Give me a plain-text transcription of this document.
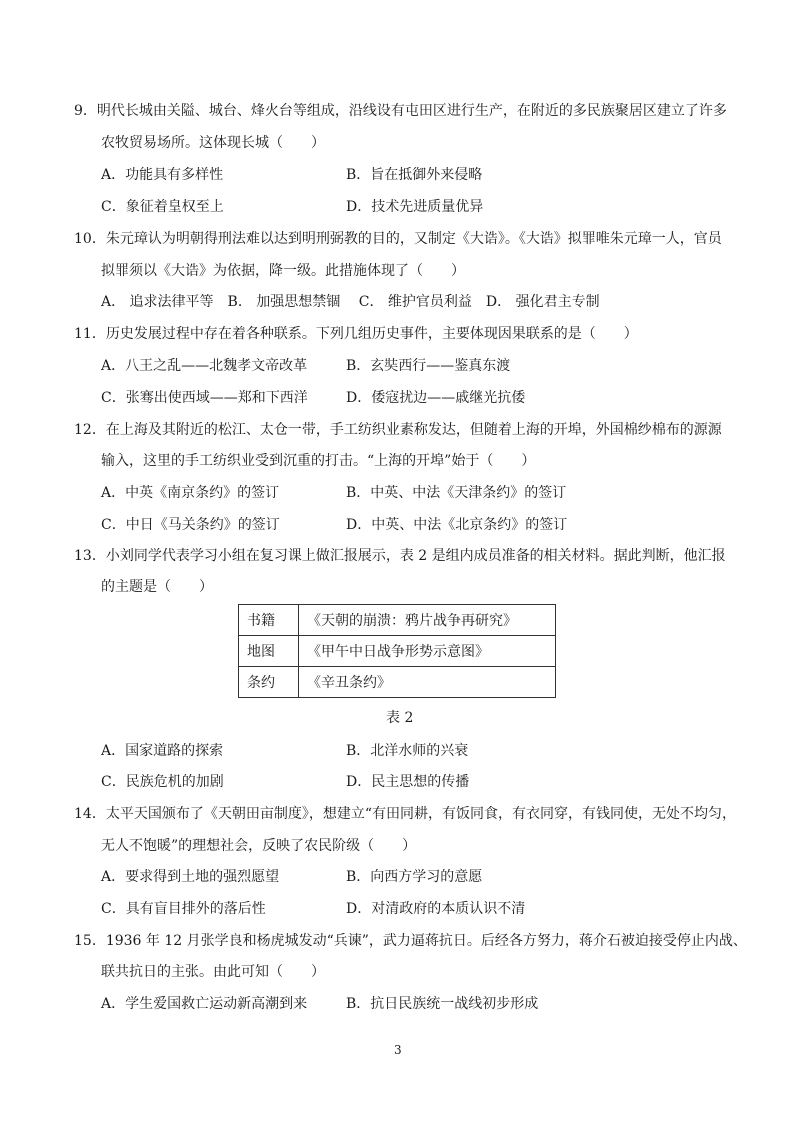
9．明代长城由关隘、城台、烽火台等组成，沿线设有屯田区进行生产，在附近的多民族聚居区建立了许多
农牧贸易场所。这体现长城（　　）
A．功能具有多样性	B．旨在抵御外来侵略
C．象征着皇权至上	D．技术先进质量优异
10．朱元璋认为明朝得刑法难以达到明刑弼教的目的，又制定《大诰》。《大诰》拟罪唯朱元璋一人，官员
拟罪须以《大诰》为依据，降一级。此措施体现了（　　）
A． 追求法律平等　B． 加强思想禁锢　 C． 维护官员利益　D． 强化君主专制
11．历史发展过程中存在着各种联系。下列几组历史事件，主要体现因果联系的是（　　）
A．八王之乱——北魏孝文帝改革	B．玄奘西行——鉴真东渡
C．张骞出使西域——郑和下西洋	D．倭寇扰边——戚继光抗倭
12．在上海及其附近的松江、太仓一带，手工纺织业素称发达，但随着上海的开埠，外国棉纱棉布的源源
输入，这里的手工纺织业受到沉重的打击。“上海的开埠”始于（　　）
A．中英《南京条约》的签订	B．中英、中法《天津条约》的签订
C．中日《马关条约》的签订	D．中英、中法《北京条约》的签订
13．小刘同学代表学习小组在复习课上做汇报展示，表 2 是组内成员准备的相关材料。据此判断，他汇报
的主题是（　　）
书籍	《天朝的崩溃：鸦片战争再研究》
地图	《甲午中日战争形势示意图》
条约	《辛丑条约》
表 2
A．国家道路的探索	B．北洋水师的兴衰
C．民族危机的加剧	D．民主思想的传播
14．太平天国颁布了《天朝田亩制度》，想建立“有田同耕，有饭同食，有衣同穿，有钱同使，无处不均匀，
无人不饱暖”的理想社会，反映了农民阶级（　　）
A．要求得到土地的强烈愿望	B．向西方学习的意愿
C．具有盲目排外的落后性	D．对清政府的本质认识不清
15．1936 年 12 月张学良和杨虎城发动“兵谏”，武力逼蒋抗日。后经各方努力，蒋介石被迫接受停止内战、
联共抗日的主张。由此可知（　　）
A．学生爱国救亡运动新高潮到来	B．抗日民族统一战线初步形成
3
